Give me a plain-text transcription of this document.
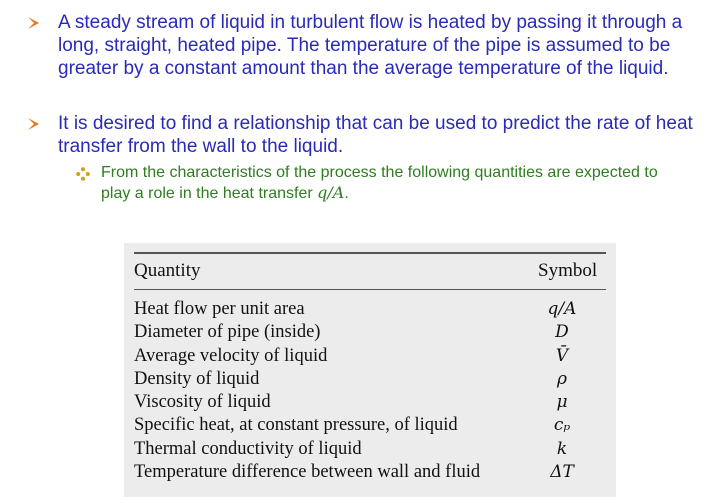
A steady stream of liquid in turbulent flow is heated by passing it through a long, straight, heated pipe. The temperature of the pipe is assumed to be greater by a constant amount than the average temperature of the liquid.
It is desired to find a relationship that can be used to predict the rate of heat transfer from the wall to the liquid.
From the characteristics of the process the following quantities are expected to play a role in the heat transfer q/A.
Quantity	Symbol
Heat flow per unit area	q/A
Diameter of pipe (inside)	D
Average velocity of liquid	V̄
Density of liquid	ρ
Viscosity of liquid	μ
Specific heat, at constant pressure, of liquid	cₚ
Thermal conductivity of liquid	k
Temperature difference between wall and fluid	ΔT
